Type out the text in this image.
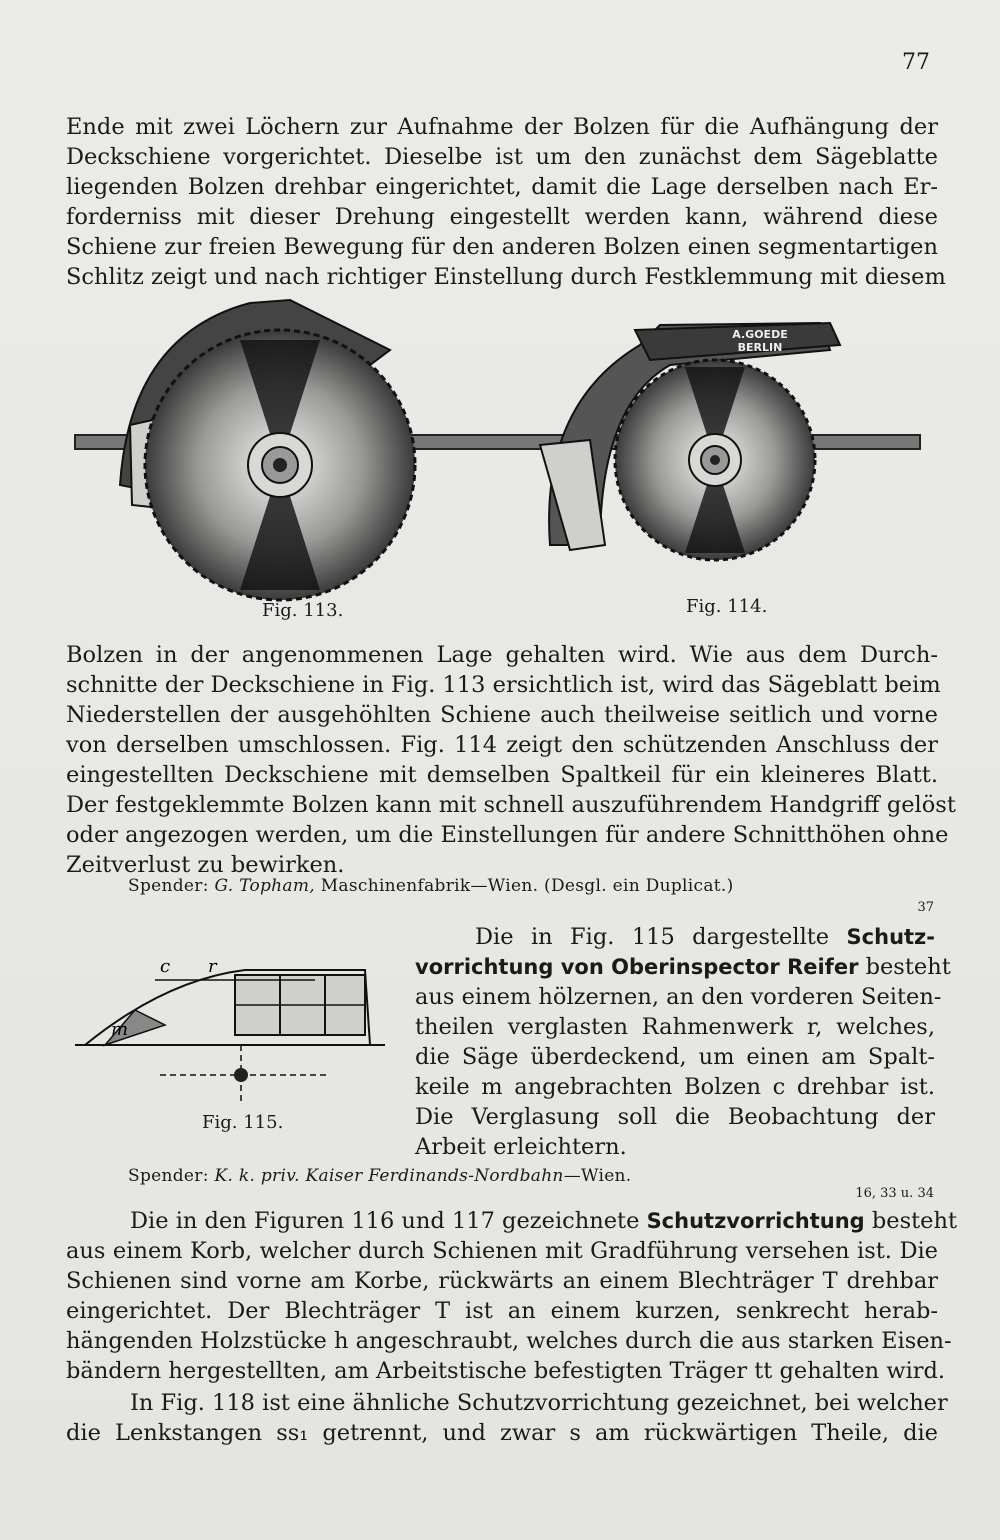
77
Ende mit zwei Löchern zur Aufnahme der Bolzen für die Aufhängung der
Deckschiene vorgerichtet. Dieselbe ist um den zunächst dem Sägeblatte
liegenden Bolzen drehbar eingerichtet, damit die Lage derselben nach Er-
forderniss mit dieser Drehung eingestellt werden kann, während diese
Schiene zur freien Bewegung für den anderen Bolzen einen segmentartigen
Schlitz zeigt und nach richtiger Einstellung durch Festklemmung mit diesem
A.GOEDE
BERLIN
Fig. 113.	Fig. 114.
Bolzen in der angenommenen Lage gehalten wird. Wie aus dem Durch-
schnitte der Deckschiene in Fig. 113 ersichtlich ist, wird das Sägeblatt beim
Niederstellen der ausgehöhlten Schiene auch theilweise seitlich und vorne
von derselben umschlossen. Fig. 114 zeigt den schützenden Anschluss der
eingestellten Deckschiene mit demselben Spaltkeil für ein kleineres Blatt.
Der festgeklemmte Bolzen kann mit schnell auszuführendem Handgriff gelöst
oder angezogen werden, um die Einstellungen für andere Schnitthöhen ohne
Zeitverlust zu bewirken.
Spender: G. Topham, Maschinenfabrik—Wien. (Desgl. ein Duplicat.)
37
c r
m
Fig. 115.
Die in Fig. 115 dargestellte Schutz-
vorrichtung von Oberinspector Reifer besteht
aus einem hölzernen, an den vorderen Seiten-
theilen verglasten Rahmenwerk r, welches,
die Säge überdeckend, um einen am Spalt-
keile m angebrachten Bolzen c drehbar ist.
Die Verglasung soll die Beobachtung der
Arbeit erleichtern.
Spender: K. k. priv. Kaiser Ferdinands-Nordbahn—Wien.
16, 33 u. 34
Die in den Figuren 116 und 117 gezeichnete Schutzvorrichtung besteht
aus einem Korb, welcher durch Schienen mit Gradführung versehen ist. Die
Schienen sind vorne am Korbe, rückwärts an einem Blechträger T drehbar
eingerichtet. Der Blechträger T ist an einem kurzen, senkrecht herab-
hängenden Holzstücke h angeschraubt, welches durch die aus starken Eisen-
bändern hergestellten, am Arbeitstische befestigten Träger tt gehalten wird.
In Fig. 118 ist eine ähnliche Schutzvorrichtung gezeichnet, bei welcher
die Lenkstangen ss₁ getrennt, und zwar s am rückwärtigen Theile, die
